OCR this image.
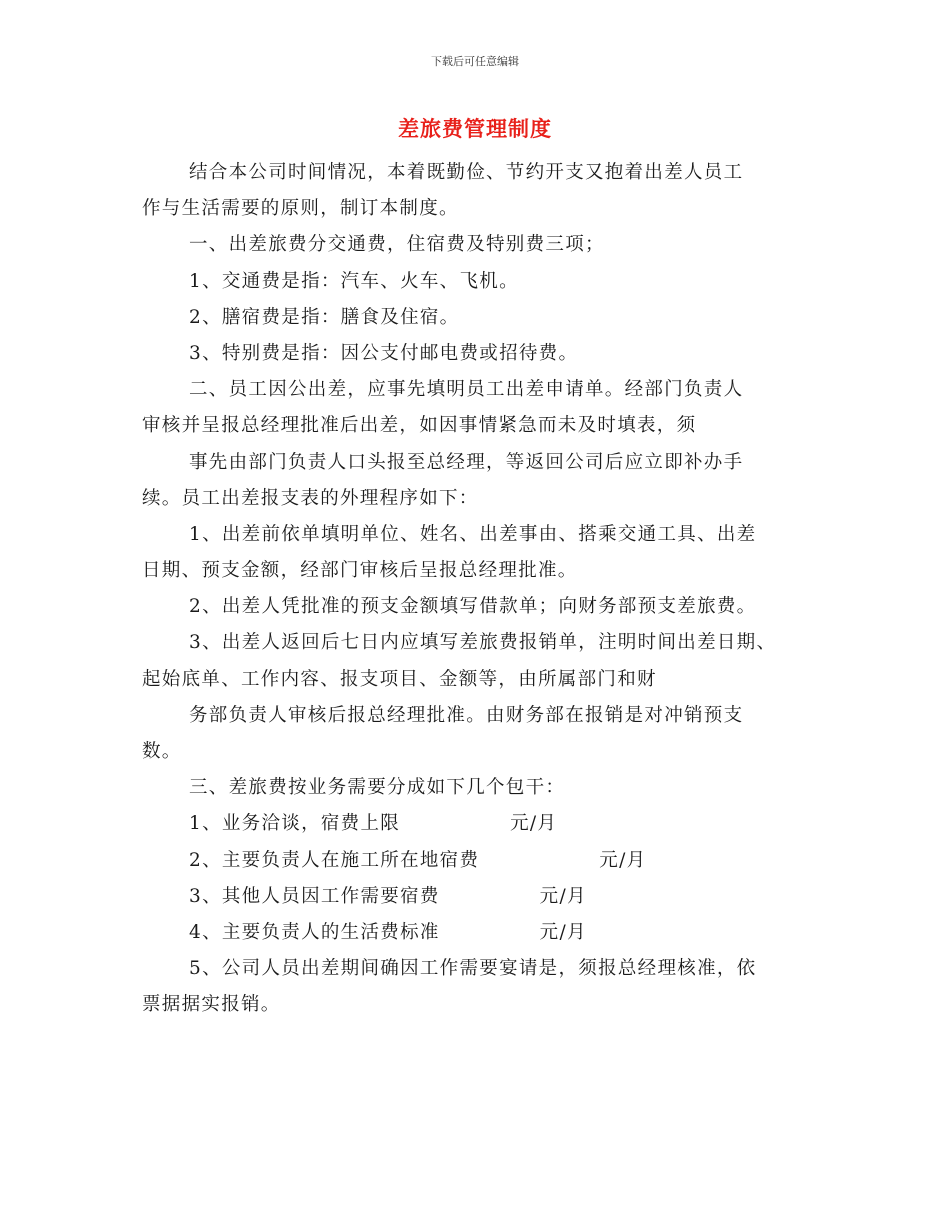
下载后可任意编辑
差旅费管理制度
结合本公司时间情况，本着既勤俭、节约开支又抱着出差人员工
作与生活需要的原则，制订本制度。
一、出差旅费分交通费，住宿费及特别费三项；
1、交通费是指：汽车、火车、飞机。
2、膳宿费是指：膳食及住宿。
3、特别费是指：因公支付邮电费或招待费。
二、员工因公出差，应事先填明员工出差申请单。经部门负责人
审核并呈报总经理批准后出差，如因事情紧急而未及时填表，须
事先由部门负责人口头报至总经理，等返回公司后应立即补办手
续。员工出差报支表的外理程序如下：
1、出差前依单填明单位、姓名、出差事由、搭乘交通工具、出差
日期、预支金额，经部门审核后呈报总经理批准。
2、出差人凭批准的预支金额填写借款单；向财务部预支差旅费。
3、出差人返回后七日内应填写差旅费报销单，注明时间出差日期、
起始底单、工作内容、报支项目、金额等，由所属部门和财
务部负责人审核后报总经理批准。由财务部在报销是对冲销预支
数。
三、差旅费按业务需要分成如下几个包干：
1、业务洽谈，宿费上限	元/月
2、主要负责人在施工所在地宿费	元/月
3、其他人员因工作需要宿费	元/月
4、主要负责人的生活费标准	元/月
5、公司人员出差期间确因工作需要宴请是，须报总经理核准，依
票据据实报销。
